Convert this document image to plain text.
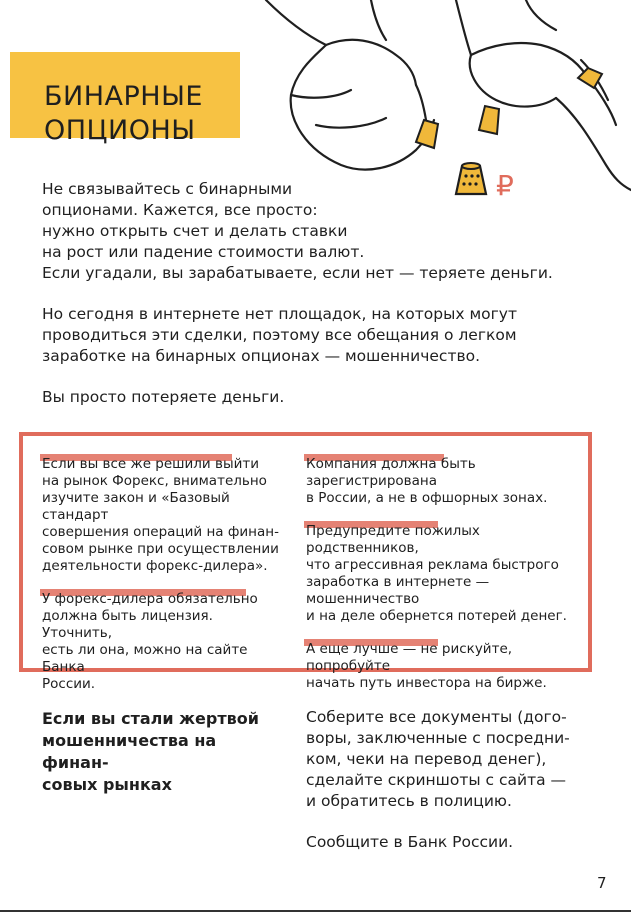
БИНАРНЫЕ
ОПЦИОНЫ
₽

Не связывайтесь с бинарными
опционами. Кажется, все просто:
нужно открыть счет и делать ставки
на рост или падение стоимости валют.
Если угадали, вы зарабатываете, если нет — теряете деньги.

Но сегодня в интернете нет площадок, на которых могут
проводиться эти сделки, поэтому все обещания о легком
заработке на бинарных опционах — мошенничество.

Вы просто потеряете деньги.

Если вы все же решили выйти
на рынок Форекс, внимательно
изучите закон и «Базовый стандарт
совершения операций на финан-
совом рынке при осуществлении
деятельности форекс-дилера».

У форекс-дилера обязательно
должна быть лицензия. Уточнить,
есть ли она, можно на сайте Банка
России.

Компания должна быть зарегистрирована
в России, а не в офшорных зонах.

Предупредите пожилых родственников,
что агрессивная реклама быстрого
заработка в интернете — мошенничество
и на деле обернется потерей денег.

А еще лучше — не рискуйте, попробуйте
начать путь инвестора на бирже.

Если вы стали жертвой
мошенничества на финан-
совых рынках

Соберите все документы (дого-
воры, заключенные с посредни-
ком, чеки на перевод денег),
сделайте скриншоты с сайта —
и обратитесь в полицию.

Сообщите в Банк России.

7
